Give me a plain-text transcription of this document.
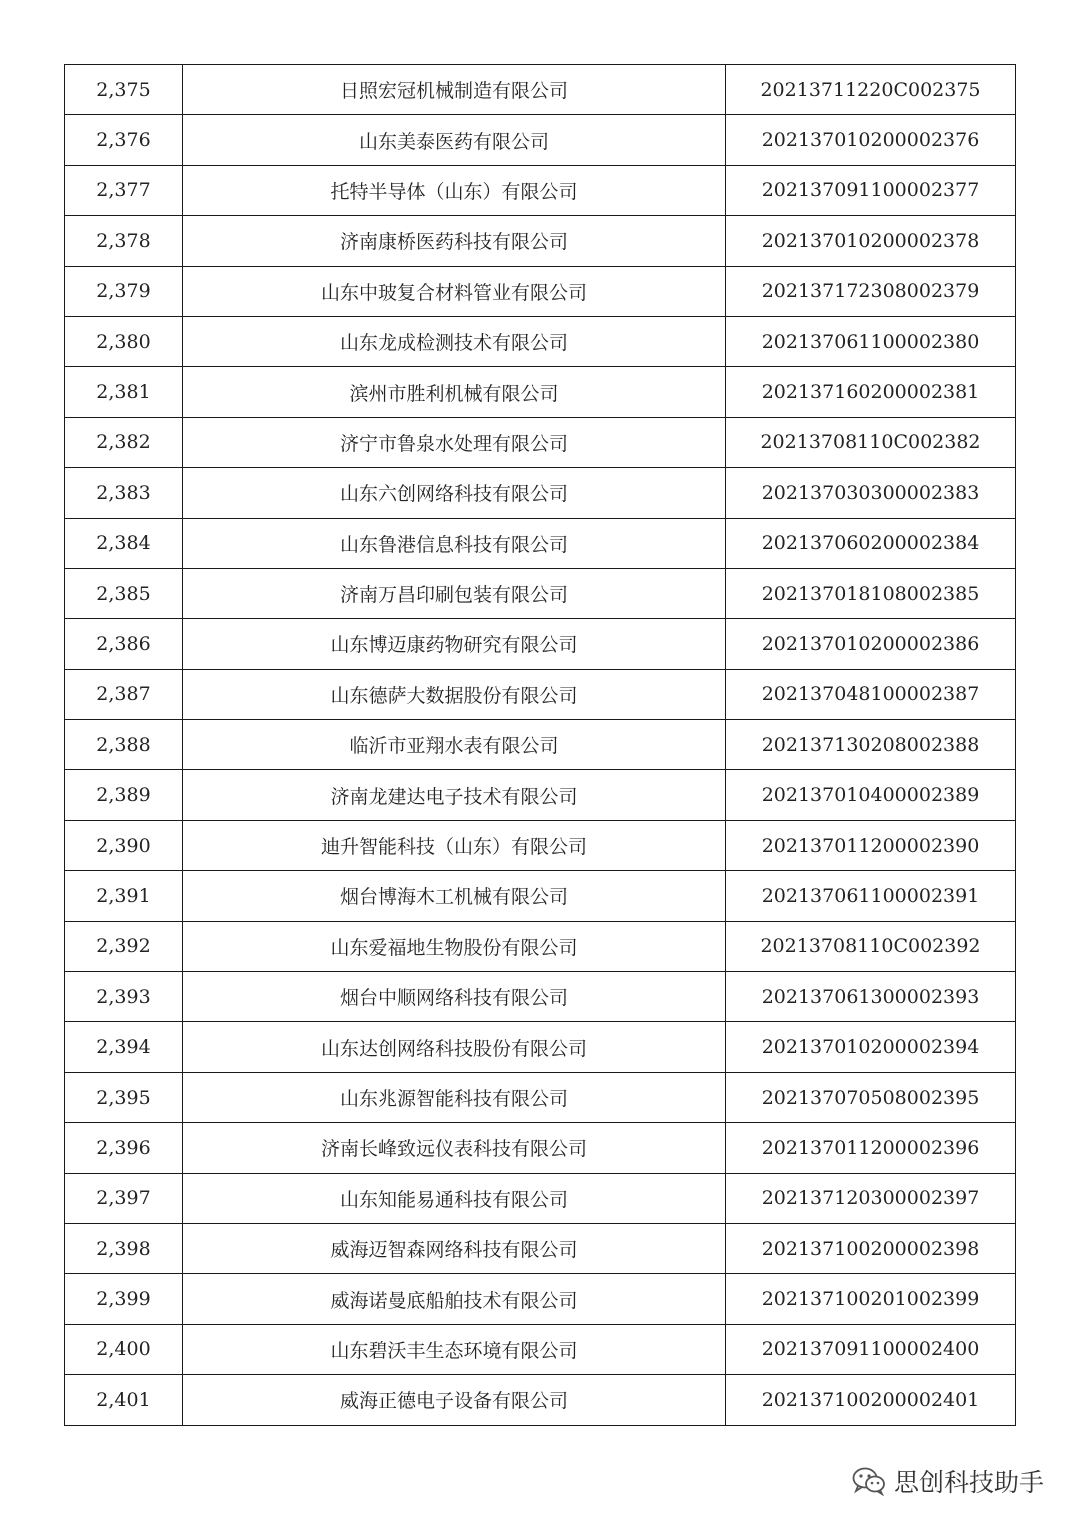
2,375	日照宏冠机械制造有限公司	20213711220C002375
2,376	山东美泰医药有限公司	202137010200002376
2,377	托特半导体（山东）有限公司	202137091100002377
2,378	济南康桥医药科技有限公司	202137010200002378
2,379	山东中玻复合材料管业有限公司	202137172308002379
2,380	山东龙成检测技术有限公司	202137061100002380
2,381	滨州市胜利机械有限公司	202137160200002381
2,382	济宁市鲁泉水处理有限公司	20213708110C002382
2,383	山东六创网络科技有限公司	202137030300002383
2,384	山东鲁港信息科技有限公司	202137060200002384
2,385	济南万昌印刷包装有限公司	202137018108002385
2,386	山东博迈康药物研究有限公司	202137010200002386
2,387	山东德萨大数据股份有限公司	202137048100002387
2,388	临沂市亚翔水表有限公司	202137130208002388
2,389	济南龙建达电子技术有限公司	202137010400002389
2,390	迪升智能科技（山东）有限公司	202137011200002390
2,391	烟台博海木工机械有限公司	202137061100002391
2,392	山东爱福地生物股份有限公司	20213708110C002392
2,393	烟台中顺网络科技有限公司	202137061300002393
2,394	山东达创网络科技股份有限公司	202137010200002394
2,395	山东兆源智能科技有限公司	202137070508002395
2,396	济南长峰致远仪表科技有限公司	202137011200002396
2,397	山东知能易通科技有限公司	202137120300002397
2,398	威海迈智森网络科技有限公司	202137100200002398
2,399	威海诺曼底船舶技术有限公司	202137100201002399
2,400	山东碧沃丰生态环境有限公司	202137091100002400
2,401	威海正德电子设备有限公司	202137100200002401
思创科技助手
